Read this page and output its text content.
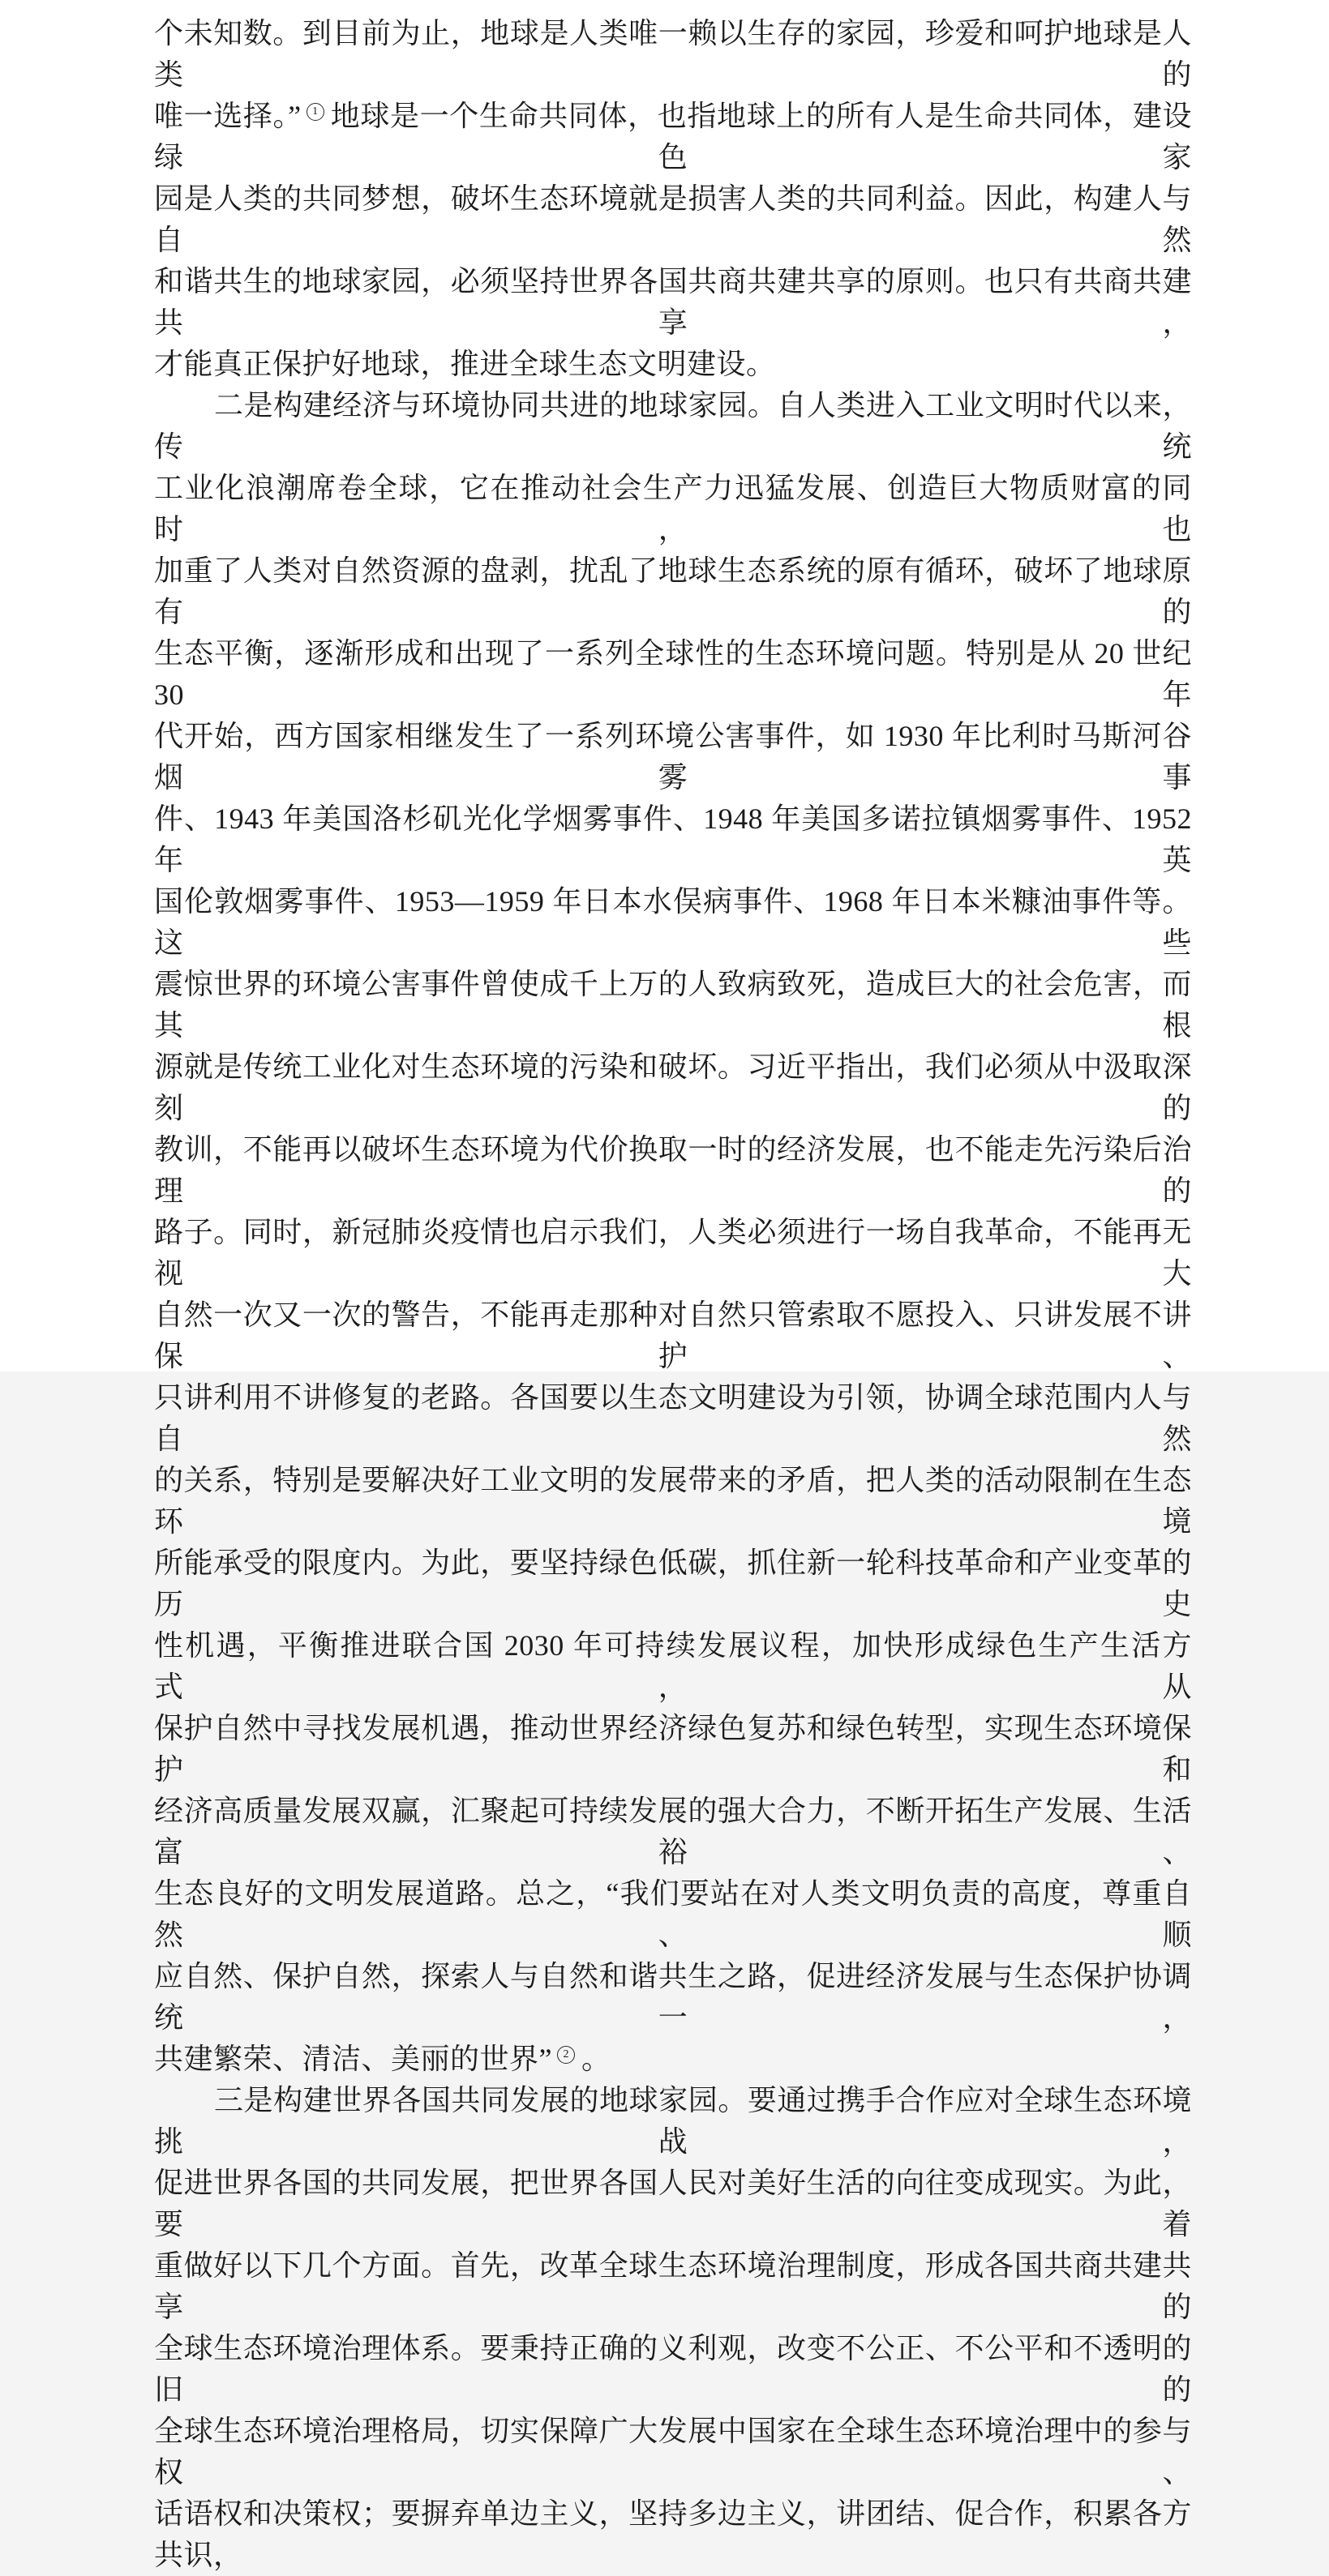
个未知数。到目前为止，地球是人类唯一赖以生存的家园，珍爱和呵护地球是人类的
唯一选择。” 1 地球是一个生命共同体，也指地球上的所有人是生命共同体，建设绿色家
园是人类的共同梦想，破坏生态环境就是损害人类的共同利益。因此，构建人与自然
和谐共生的地球家园，必须坚持世界各国共商共建共享的原则。也只有共商共建共享，
才能真正保护好地球，推进全球生态文明建设。
二是构建经济与环境协同共进的地球家园。自人类进入工业文明时代以来，传统
工业化浪潮席卷全球，它在推动社会生产力迅猛发展、创造巨大物质财富的同时，也
加重了人类对自然资源的盘剥，扰乱了地球生态系统的原有循环，破坏了地球原有的
生态平衡，逐渐形成和出现了一系列全球性的生态环境问题。特别是从 20 世纪 30 年
代开始，西方国家相继发生了一系列环境公害事件，如 1930 年比利时马斯河谷烟雾事
件、1943 年美国洛杉矶光化学烟雾事件、1948 年美国多诺拉镇烟雾事件、1952 年英
国伦敦烟雾事件、1953—1959 年日本水俣病事件、1968 年日本米糠油事件等。这些
震惊世界的环境公害事件曾使成千上万的人致病致死，造成巨大的社会危害，而其根
源就是传统工业化对生态环境的污染和破坏。习近平指出，我们必须从中汲取深刻的
教训，不能再以破坏生态环境为代价换取一时的经济发展，也不能走先污染后治理的
路子。同时，新冠肺炎疫情也启示我们，人类必须进行一场自我革命，不能再无视大
自然一次又一次的警告，不能再走那种对自然只管索取不愿投入、只讲发展不讲保护、
只讲利用不讲修复的老路。各国要以生态文明建设为引领，协调全球范围内人与自然
的关系，特别是要解决好工业文明的发展带来的矛盾，把人类的活动限制在生态环境
所能承受的限度内。为此，要坚持绿色低碳，抓住新一轮科技革命和产业变革的历史
性机遇，平衡推进联合国 2030 年可持续发展议程，加快形成绿色生产生活方式，从
保护自然中寻找发展机遇，推动世界经济绿色复苏和绿色转型，实现生态环境保护和
经济高质量发展双赢，汇聚起可持续发展的强大合力，不断开拓生产发展、生活富裕、
生态良好的文明发展道路。总之，“我们要站在对人类文明负责的高度，尊重自然、顺
应自然、保护自然，探索人与自然和谐共生之路，促进经济发展与生态保护协调统一，
共建繁荣、清洁、美丽的世界” 2 。
三是构建世界各国共同发展的地球家园。要通过携手合作应对全球生态环境挑战，
促进世界各国的共同发展，把世界各国人民对美好生活的向往变成现实。为此，要着
重做好以下几个方面。首先，改革全球生态环境治理制度，形成各国共商共建共享的
全球生态环境治理体系。要秉持正确的义利观，改变不公正、不公平和不透明的旧的
全球生态环境治理格局，切实保障广大发展中国家在全球生态环境治理中的参与权、
话语权和决策权；要摒弃单边主义，坚持多边主义，讲团结、促合作，积累各方共识，
